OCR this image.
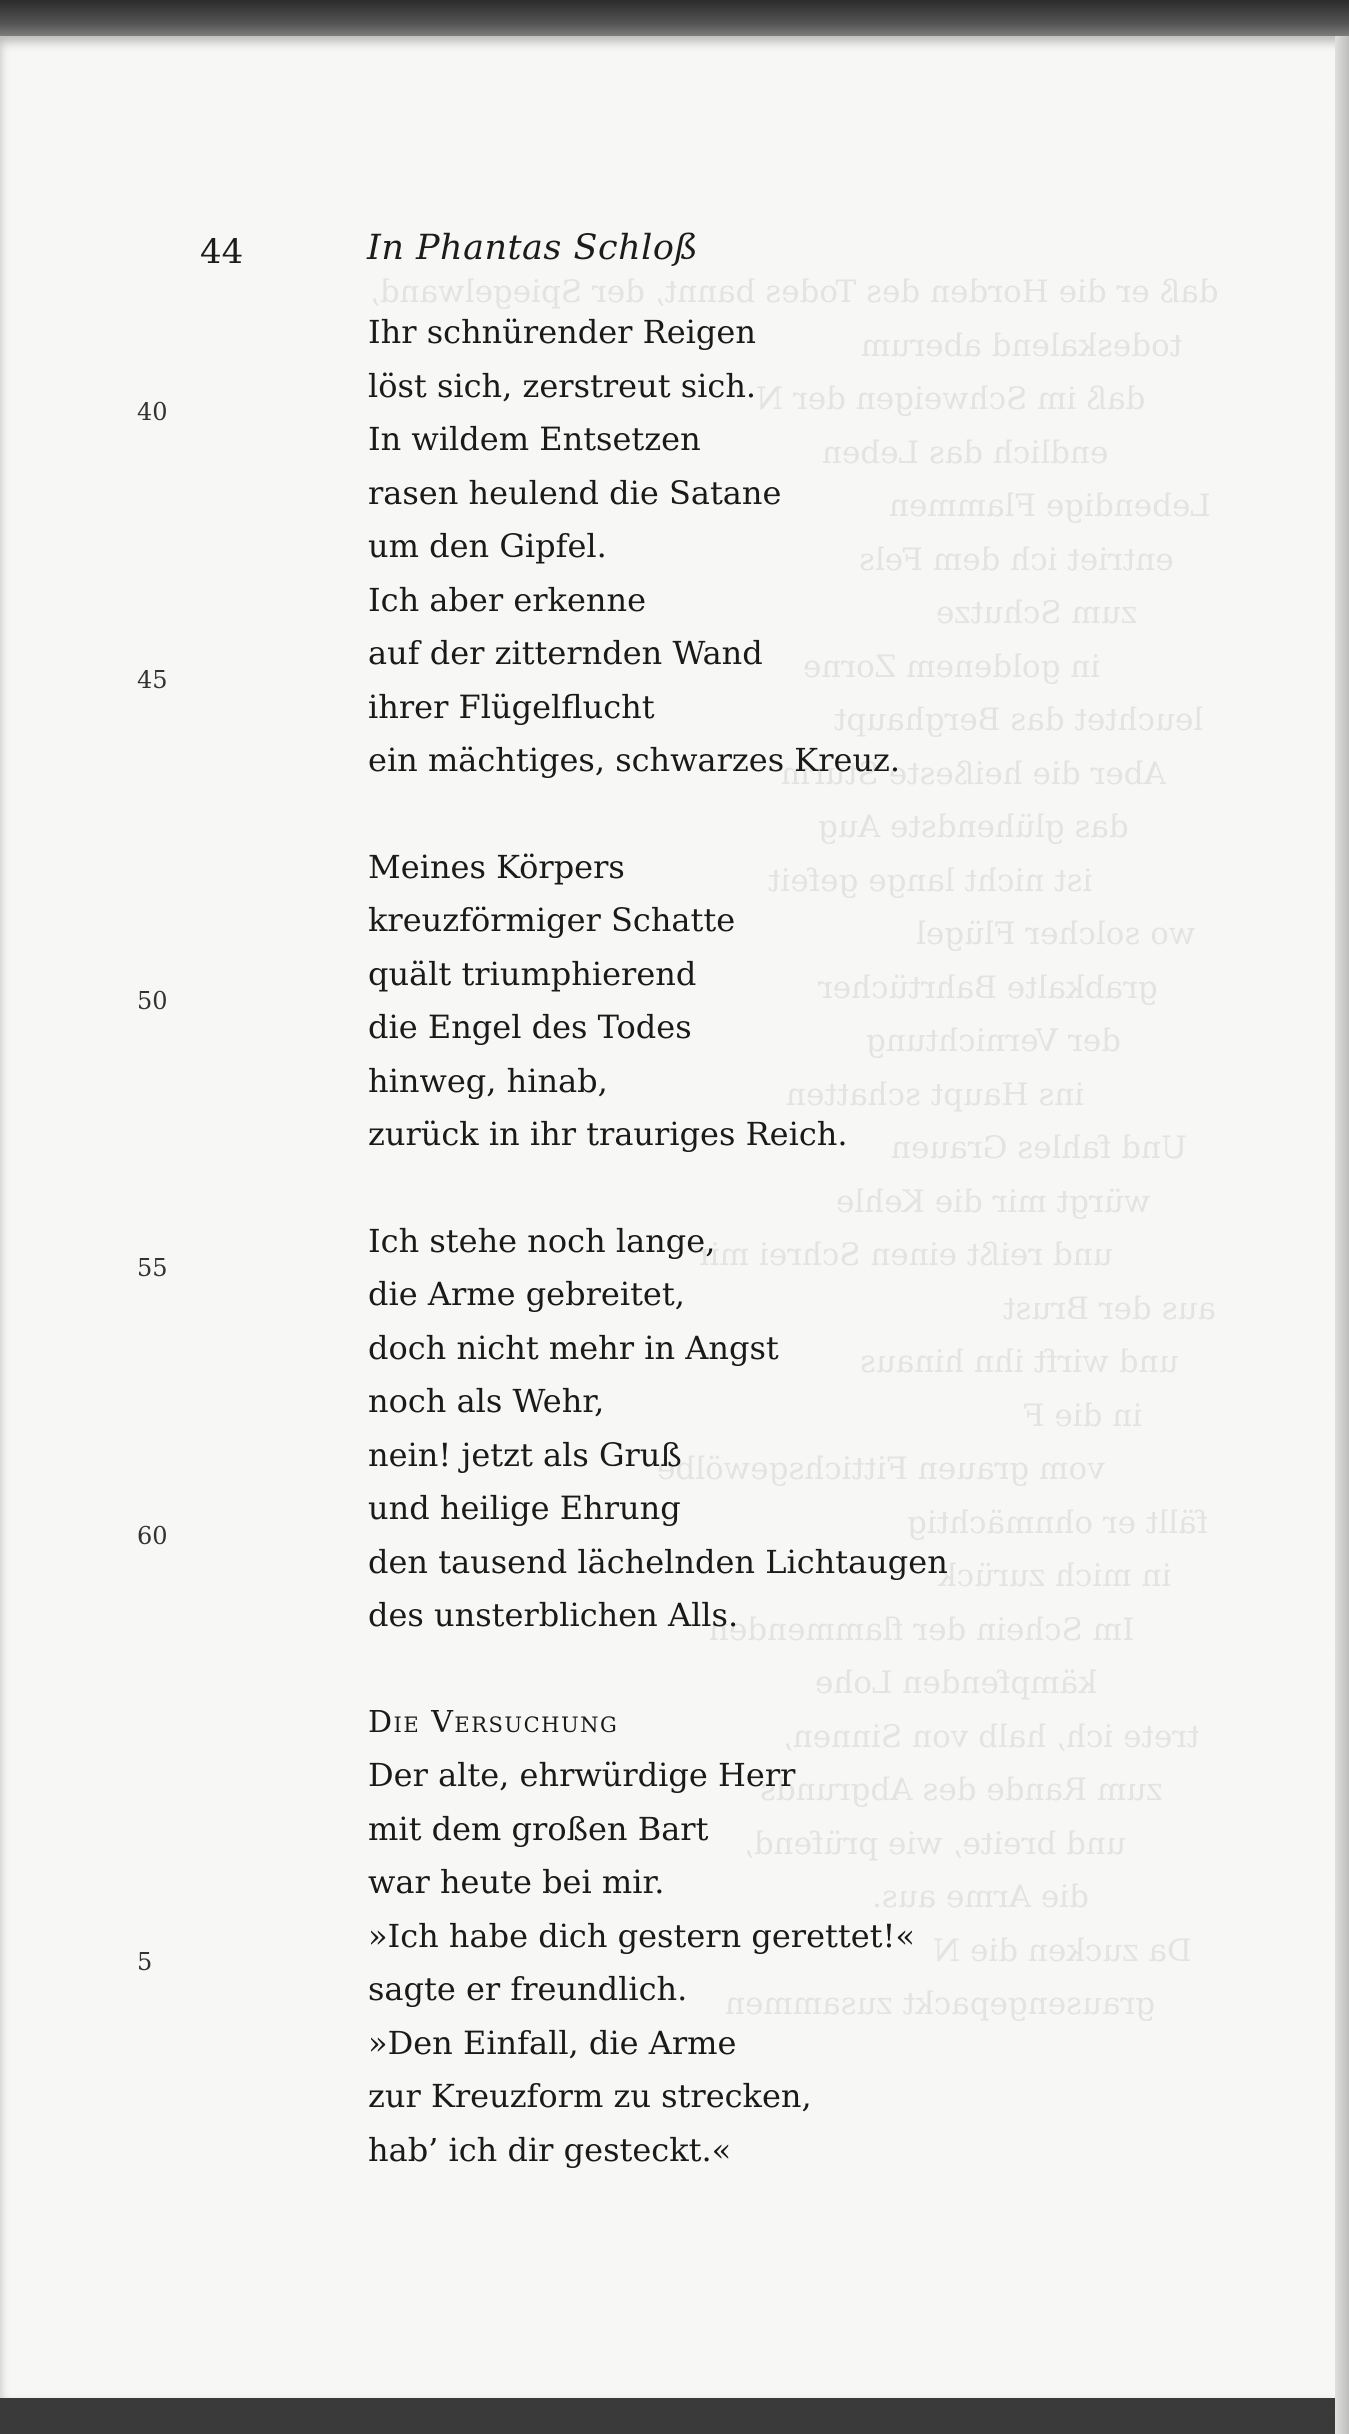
daß er die Horden des Todes bannt, der Spiegelwand,
todeskalend aberum
daß im Schweigen der N
endlich das Leben
Lebendige Flammen
entriet ich dem Fels
zum Schutze
in goldenem Zorne
leuchtet das Berghaupt
Aber die heißeste Sturm
das glühendste Aug
ist nicht lange gefeit
wo solcher Flügel
grabkalte Bahrtücher
der Vernichtung
ins Haupt schatten
Und fahles Grauen
würgt mir die Kehle
und reißt einen Schrei mir
aus der Brust
und wirft ihn hinaus
in die F
vom grauen Fittichsgewölbe
fällt er ohnmächtig
in mich zurück
Im Schein der flammenden
kämpfenden Lohe
trete ich, halb von Sinnen,
zum Rande des Abgrunds
und breite, wie prüfend,
die Arme aus.
Da zucken die N
grausengepackt zusammen
44	In Phantas Schloß
40
45
50
55
60
5
Ihr schnürender Reigen
löst sich, zerstreut sich.
In wildem Entsetzen
rasen heulend die Satane
um den Gipfel.
Ich aber erkenne
auf der zitternden Wand
ihrer Flügelflucht
ein mächtiges, schwarzes Kreuz.
Meines Körpers
kreuzförmiger Schatte
quält triumphierend
die Engel des Todes
hinweg, hinab,
zurück in ihr trauriges Reich.
Ich stehe noch lange,
die Arme gebreitet,
doch nicht mehr in Angst
noch als Wehr,
nein! jetzt als Gruß
und heilige Ehrung
den tausend lächelnden Lichtaugen
des unsterblichen Alls.
Die Versuchung
Der alte, ehrwürdige Herr
mit dem großen Bart
war heute bei mir.
»Ich habe dich gestern gerettet!«
sagte er freundlich.
»Den Einfall, die Arme
zur Kreuzform zu strecken,
hab’ ich dir gesteckt.«
